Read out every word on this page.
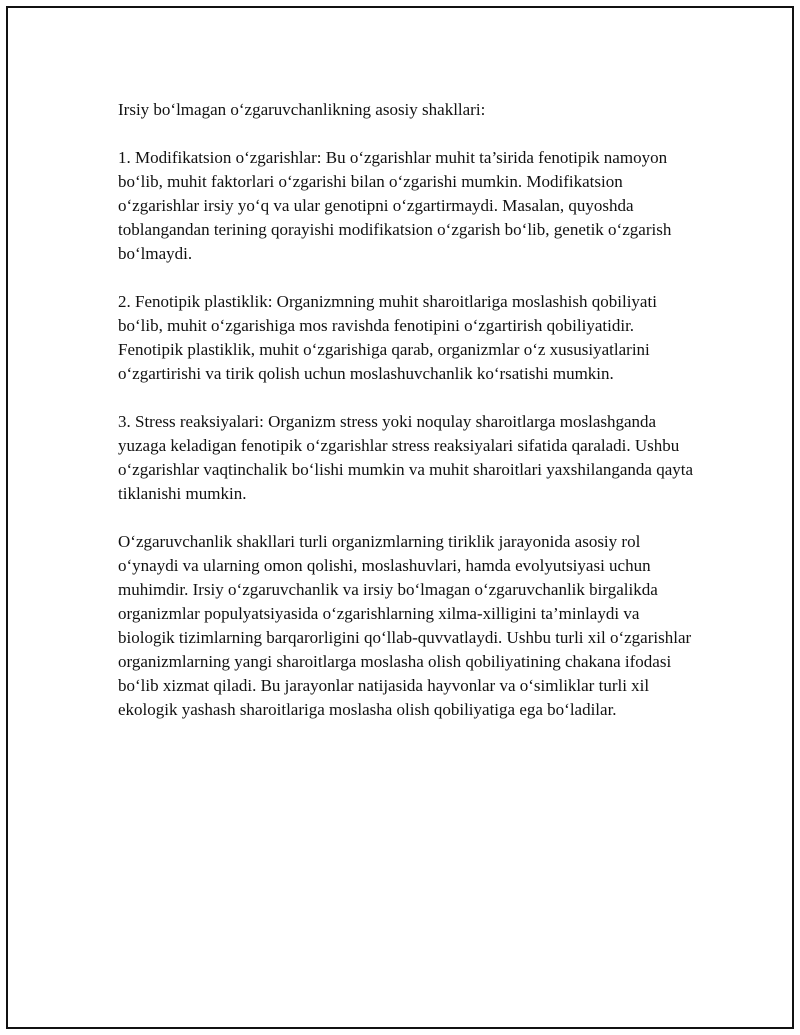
Irsiy bo‘lmagan o‘zgaruvchanlikning asosiy shakllari:

1. Modifikatsion o‘zgarishlar: Bu o‘zgarishlar muhit ta’sirida fenotipik namoyon bo‘lib, muhit faktorlari o‘zgarishi bilan o‘zgarishi mumkin. Modifikatsion o‘zgarishlar irsiy yo‘q va ular genotipni o‘zgartirmaydi. Masalan, quyoshda toblangandan terining qorayishi modifikatsion o‘zgarish bo‘lib, genetik o‘zgarish bo‘lmaydi.

2. Fenotipik plastiklik: Organizmning muhit sharoitlariga moslashish qobiliyati bo‘lib, muhit o‘zgarishiga mos ravishda fenotipini o‘zgartirish qobiliyatidir. Fenotipik plastiklik, muhit o‘zgarishiga qarab, organizmlar o‘z xususiyatlarini o‘zgartirishi va tirik qolish uchun moslashuvchanlik ko‘rsatishi mumkin.

3. Stress reaksiyalari: Organizm stress yoki noqulay sharoitlarga moslashganda yuzaga keladigan fenotipik o‘zgarishlar stress reaksiyalari sifatida qaraladi. Ushbu o‘zgarishlar vaqtinchalik bo‘lishi mumkin va muhit sharoitlari yaxshilanganda qayta tiklanishi mumkin.

O‘zgaruvchanlik shakllari turli organizmlarning tiriklik jarayonida asosiy rol o‘ynaydi va ularning omon qolishi, moslashuvlari, hamda evolyutsiyasi uchun muhimdir. Irsiy o‘zgaruvchanlik va irsiy bo‘lmagan o‘zgaruvchanlik birgalikda organizmlar populyatsiyasida o‘zgarishlarning xilma-xilligini ta’minlaydi va biologik tizimlarning barqarorligini qo‘llab-quvvatlaydi. Ushbu turli xil o‘zgarishlar organizmlarning yangi sharoitlarga moslasha olish qobiliyatining chakana ifodasi bo‘lib xizmat qiladi. Bu jarayonlar natijasida hayvonlar va o‘simliklar turli xil ekologik yashash sharoitlariga moslasha olish qobiliyatiga ega bo‘ladilar.
